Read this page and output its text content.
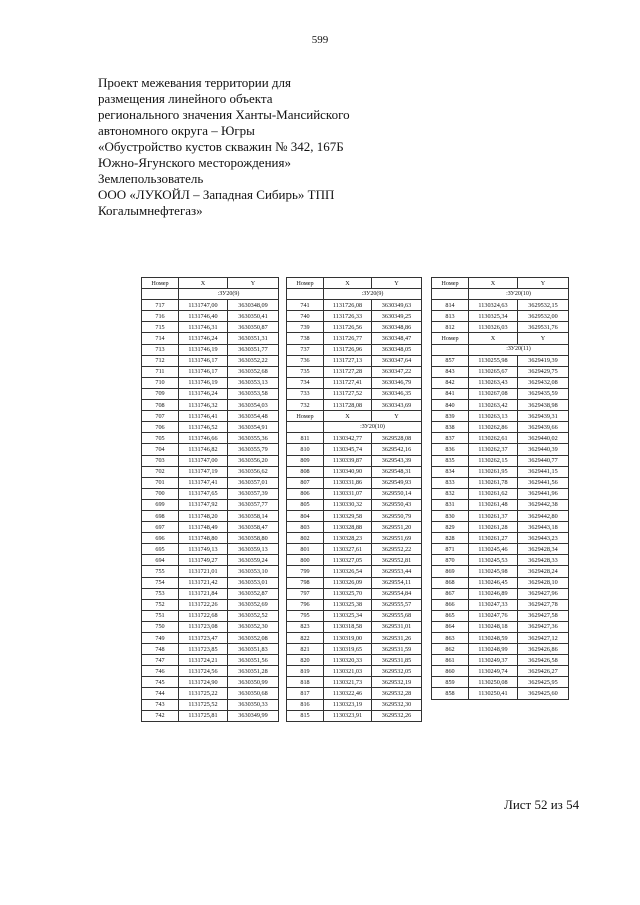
599
Проект межевания территории для
размещения линейного объекта
регионального значения Ханты-Мансийского
автономного округа – Югры
«Обустройство кустов скважин № 342, 167Б
Южно-Ягунского месторождения»
Землепользователь
ООО «ЛУКОЙЛ – Западная Сибирь» ТПП
Когалымнефтегаз»
Номер	X	Y
	:ЗУ20(9)	
717	1131747,00	3630348,09
716	1131746,40	3630350,41
715	1131746,31	3630350,87
714	1131746,24	3630351,31
713	1131746,19	3630351,77
712	1131746,17	3630352,22
711	1131746,17	3630352,68
710	1131746,19	3630353,13
709	1131746,24	3630353,58
708	1131746,32	3630354,03
707	1131746,41	3630354,48
706	1131746,52	3630354,91
705	1131746,66	3630355,36
704	1131746,82	3630355,79
703	1131747,00	3630356,20
702	1131747,19	3630356,62
701	1131747,41	3630357,01
700	1131747,65	3630357,39
699	1131747,92	3630357,77
698	1131748,20	3630358,14
697	1131748,49	3630358,47
696	1131748,80	3630358,80
695	1131749,13	3630359,13
694	1131749,27	3630359,24
755	1131721,01	3630353,10
754	1131721,42	3630353,01
753	1131721,84	3630352,87
752	1131722,26	3630352,69
751	1131722,68	3630352,52
750	1131723,08	3630352,30
749	1131723,47	3630352,08
748	1131723,85	3630351,83
747	1131724,21	3630351,56
746	1131724,56	3630351,28
745	1131724,90	3630350,99
744	1131725,22	3630350,68
743	1131725,52	3630350,33
742	1131725,81	3630349,99
Номер	X	Y
	:ЗУ20(9)	
741	1131726,08	3630349,63
740	1131726,33	3630349,25
739	1131726,56	3630348,86
738	1131726,77	3630348,47
737	1131726,96	3630348,05
736	1131727,13	3630347,64
735	1131727,28	3630347,22
734	1131727,41	3630346,79
733	1131727,52	3630346,35
732	1131728,08	3630343,69
Номер	X	Y
	:ЗУ20(10)	
811	1130342,77	3629528,08
810	1130345,74	3629542,16
809	1130339,87	3629543,39
808	1130340,90	3629548,31
807	1130331,86	3629549,93
806	1130331,07	3629550,14
805	1130330,32	3629550,43
804	1130329,58	3629550,79
803	1130328,88	3629551,20
802	1130328,23	3629551,69
801	1130327,61	3629552,22
800	1130327,05	3629552,81
799	1130326,54	3629553,44
798	1130326,09	3629554,11
797	1130325,70	3629554,84
796	1130325,38	3629555,57
795	1130325,34	3629555,68
823	1130318,58	3629531,01
822	1130319,00	3629531,26
821	1130319,65	3629531,59
820	1130320,33	3629531,85
819	1130321,03	3629532,05
818	1130321,73	3629532,19
817	1130322,46	3629532,28
816	1130323,19	3629532,30
815	1130323,91	3629532,26
Номер	X	Y
	:ЗУ20(10)	
814	1130324,63	3629532,15
813	1130325,34	3629532,00
812	1130326,03	3629531,76
Номер	X	Y
	:ЗУ20(11)	
857	1130255,98	3629419,39
843	1130265,67	3629429,75
842	1130263,43	3629432,08
841	1130267,08	3629435,59
840	1130263,42	3629438,98
839	1130263,13	3629439,31
838	1130262,86	3629439,66
837	1130262,61	3629440,02
836	1130262,37	3629440,39
835	1130262,15	3629440,77
834	1130261,95	3629441,15
833	1130261,78	3629441,56
832	1130261,62	3629441,96
831	1130261,48	3629442,38
830	1130261,37	3629442,80
829	1130261,28	3629443,18
828	1130261,27	3629443,23
871	1130245,46	3629428,34
870	1130245,53	3629428,33
869	1130245,98	3629428,24
868	1130246,45	3629428,10
867	1130246,89	3629427,96
866	1130247,33	3629427,78
865	1130247,76	3629427,58
864	1130248,18	3629427,36
863	1130248,59	3629427,12
862	1130248,99	3629426,86
861	1130249,37	3629426,58
860	1130249,74	3629426,27
859	1130250,08	3629425,95
858	1130250,41	3629425,60
Лист 52 из 54
